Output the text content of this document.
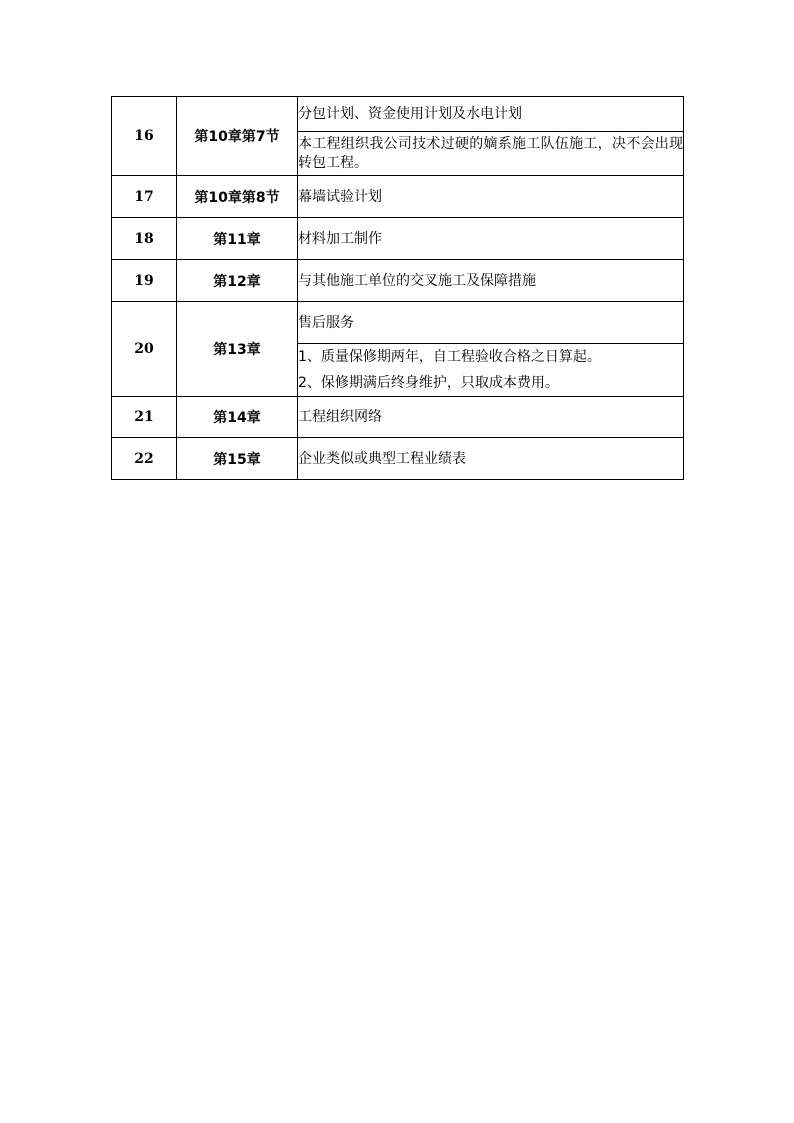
16	第10章第7节	分包计划、资金使用计划及水电计划
		本工程组织我公司技术过硬的嫡系施工队伍施工，决不会出现转包工程。
17	第10章第8节	幕墙试验计划
18	第11章	材料加工制作
19	第12章	与其他施工单位的交叉施工及保障措施
20	第13章	售后服务

		1、质量保修期两年，自工程验收合格之日算起。
2、保修期满后终身维护，只取成本费用。

21	第14章	工程组织网络
22	第15章	企业类似或典型工程业绩表
